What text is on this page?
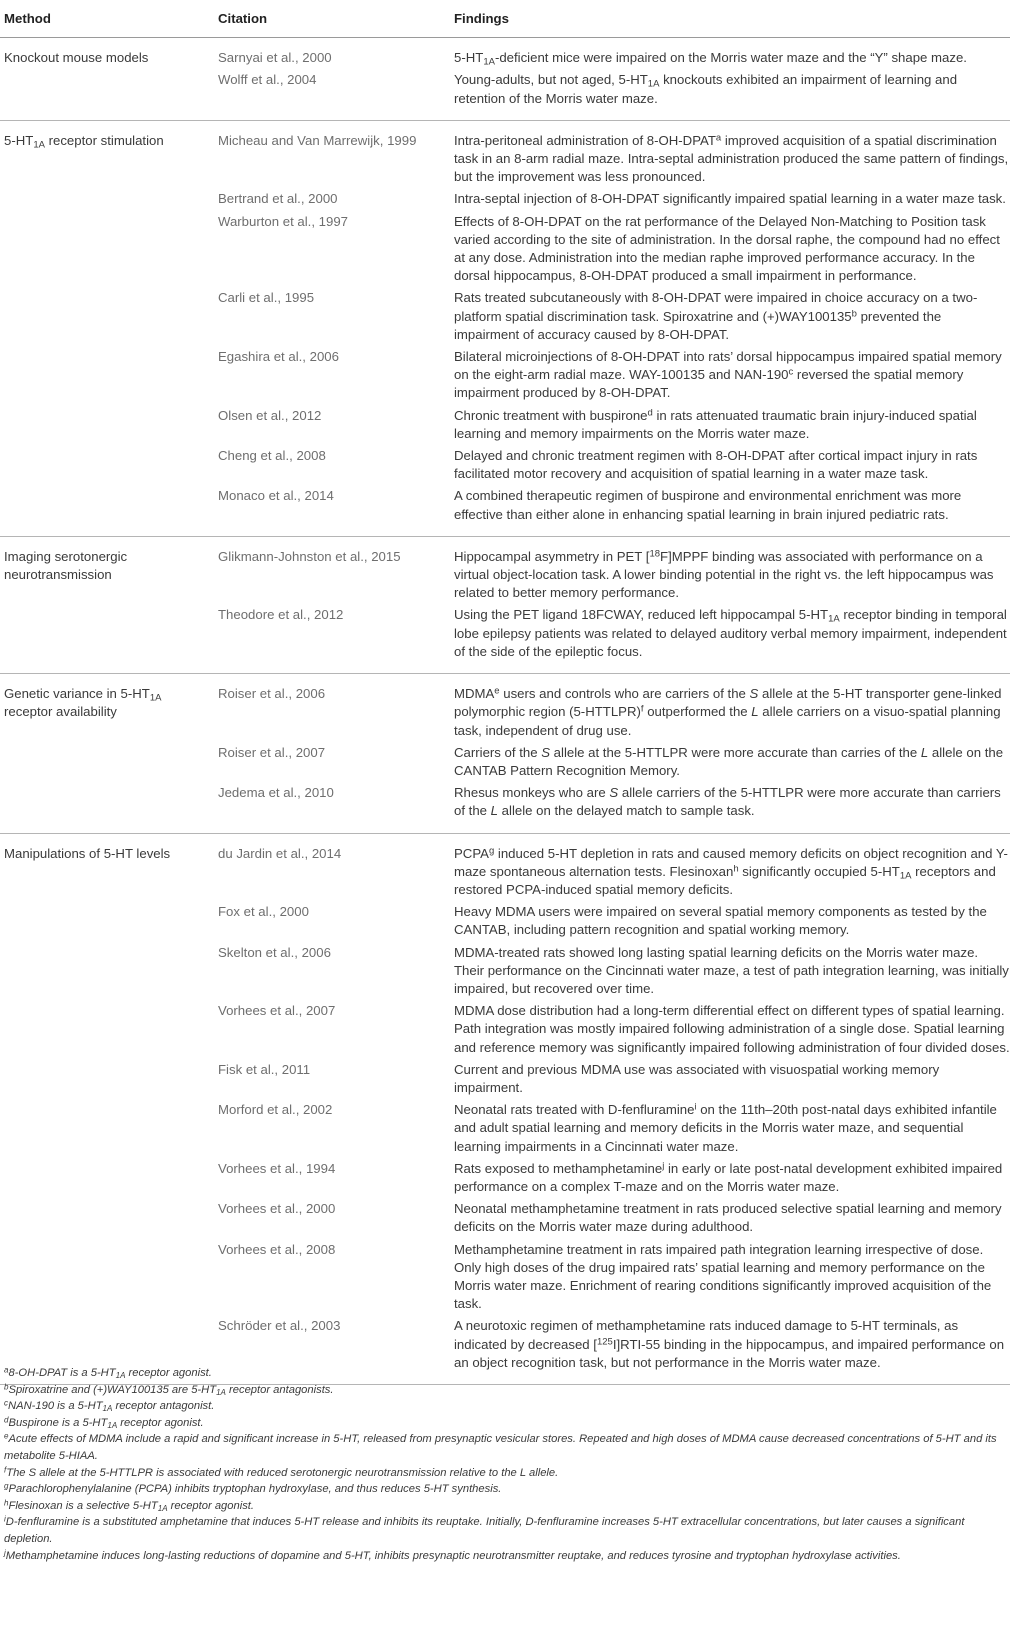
Method	Citation	Findings
Knockout mouse models	Sarnyai et al., 2000	$5-HT_{1A}$-deficient mice were impaired on the Morris water maze and the “Y” shape maze.
	Wolff et al., 2004	Young-adults, but not aged, $5-HT_{1A}$ knockouts exhibited an impairment of learning and retention of the Morris water maze.
$5-HT_{1A}$ receptor stimulation	Micheau and Van Marrewijk, 1999	Intra-peritoneal administration of 8-OH-DPAT$^a$ improved acquisition of a spatial discrimination task in an 8-arm radial maze. Intra-septal administration produced the same pattern of findings, but the improvement was less pronounced.
	Bertrand et al., 2000	Intra-septal injection of 8-OH-DPAT significantly impaired spatial learning in a water maze task.
	Warburton et al., 1997	Effects of 8-OH-DPAT on the rat performance of the Delayed Non-Matching to Position task varied according to the site of administration. In the dorsal raphe, the compound had no effect at any dose. Administration into the median raphe improved performance accuracy. In the dorsal hippocampus, 8-OH-DPAT produced a small impairment in performance.
	Carli et al., 1995	Rats treated subcutaneously with 8-OH-DPAT were impaired in choice accuracy on a two-platform spatial discrimination task. Spiroxatrine and $(+)WAY100135^b$ prevented the impairment of accuracy caused by 8-OH-DPAT.
	Egashira et al., 2006	Bilateral microinjections of 8-OH-DPAT into rats’ dorsal hippocampus impaired spatial memory on the eight-arm radial maze. WAY-100135 and NAN-190$^c$ reversed the spatial memory impairment produced by 8-OH-DPAT.
	Olsen et al., 2012	Chronic treatment with buspirone$^d$ in rats attenuated traumatic brain injury-induced spatial learning and memory impairments on the Morris water maze.
	Cheng et al., 2008	Delayed and chronic treatment regimen with 8-OH-DPAT after cortical impact injury in rats facilitated motor recovery and acquisition of spatial learning in a water maze task.
	Monaco et al., 2014	A combined therapeutic regimen of buspirone and environmental enrichment was more effective than either alone in enhancing spatial learning in brain injured pediatric rats.
Imaging serotonergic neurotransmission	Glikmann-Johnston et al., 2015	Hippocampal asymmetry in PET [$^{18}$F]MPPF binding was associated with performance on a virtual object-location task. A lower binding potential in the right vs. the left hippocampus was related to better memory performance.
	Theodore et al., 2012	Using the PET ligand 18FCWAY, reduced left hippocampal $5-HT_{1A}$ receptor binding in temporal lobe epilepsy patients was related to delayed auditory verbal memory impairment, independent of the side of the epileptic focus.
Genetic variance in $5-HT_{1A}$ receptor availability	Roiser et al., 2006	MDMA$^e$ users and controls who are carriers of the S allele at the 5-HT transporter gene-linked polymorphic region (5-HTTLPR)$^f$ outperformed the L allele carriers on a visuo-spatial planning task, independent of drug use.
	Roiser et al., 2007	Carriers of the S allele at the 5-HTTLPR were more accurate than carries of the L allele on the CANTAB Pattern Recognition Memory.
	Jedema et al., 2010	Rhesus monkeys who are S allele carriers of the 5-HTTLPR were more accurate than carriers of the L allele on the delayed match to sample task.
Manipulations of 5-HT levels	du Jardin et al., 2014	PCPA$^g$ induced 5-HT depletion in rats and caused memory deficits on object recognition and Y-maze spontaneous alternation tests. Flesinoxan$^h$ significantly occupied $5-HT_{1A}$ receptors and restored PCPA-induced spatial memory deficits.
	Fox et al., 2000	Heavy MDMA users were impaired on several spatial memory components as tested by the CANTAB, including pattern recognition and spatial working memory.
	Skelton et al., 2006	MDMA-treated rats showed long lasting spatial learning deficits on the Morris water maze. Their performance on the Cincinnati water maze, a test of path integration learning, was initially impaired, but recovered over time.
	Vorhees et al., 2007	MDMA dose distribution had a long-term differential effect on different types of spatial learning. Path integration was mostly impaired following administration of a single dose. Spatial learning and reference memory was significantly impaired following administration of four divided doses.
	Fisk et al., 2011	Current and previous MDMA use was associated with visuospatial working memory impairment.
	Morford et al., 2002	Neonatal rats treated with D-fenfluramine$^i$ on the 11th–20th post-natal days exhibited infantile and adult spatial learning and memory deficits in the Morris water maze, and sequential learning impairments in a Cincinnati water maze.
	Vorhees et al., 1994	Rats exposed to methamphetamine$^j$ in early or late post-natal development exhibited impaired performance on a complex T-maze and on the Morris water maze.
	Vorhees et al., 2000	Neonatal methamphetamine treatment in rats produced selective spatial learning and memory deficits on the Morris water maze during adulthood.
	Vorhees et al., 2008	Methamphetamine treatment in rats impaired path integration learning irrespective of dose. Only high doses of the drug impaired rats’ spatial learning and memory performance on the Morris water maze. Enrichment of rearing conditions significantly improved acquisition of the task.
	Schröder et al., 2003	A neurotoxic regimen of methamphetamine rats induced damage to 5-HT terminals, as indicated by decreased [$^{125}$I]RTI-55 binding in the hippocampus, and impaired performance on an object recognition task, but not performance in the Morris water maze.

$^a$8-OH-DPAT is a $5-HT_{1A}$ receptor agonist.

$^b$Spiroxatrine and (+)WAY100135 are $5-HT_{1A}$ receptor antagonists.

$^c$NAN-190 is a $5-HT_{1A}$ receptor antagonist.

$^d$Buspirone is a $5-HT_{1A}$ receptor agonist.

$^e$Acute effects of MDMA include a rapid and significant increase in 5-HT, released from presynaptic vesicular stores. Repeated and high doses of MDMA cause decreased concentrations of 5-HT and its metabolite 5-HIAA.

$^f$The S allele at the 5-HTTLPR is associated with reduced serotonergic neurotransmission relative to the L allele.

$^g$Parachlorophenylalanine (PCPA) inhibits tryptophan hydroxylase, and thus reduces 5-HT synthesis.

$^h$Flesinoxan is a selective $5-HT_{1A}$ receptor agonist.

$^i$D-fenfluramine is a substituted amphetamine that induces 5-HT release and inhibits its reuptake. Initially, D-fenfluramine increases 5-HT extracellular concentrations, but later causes a significant depletion.

$^j$Methamphetamine induces long-lasting reductions of dopamine and 5-HT, inhibits presynaptic neurotransmitter reuptake, and reduces tyrosine and tryptophan hydroxylase activities.
